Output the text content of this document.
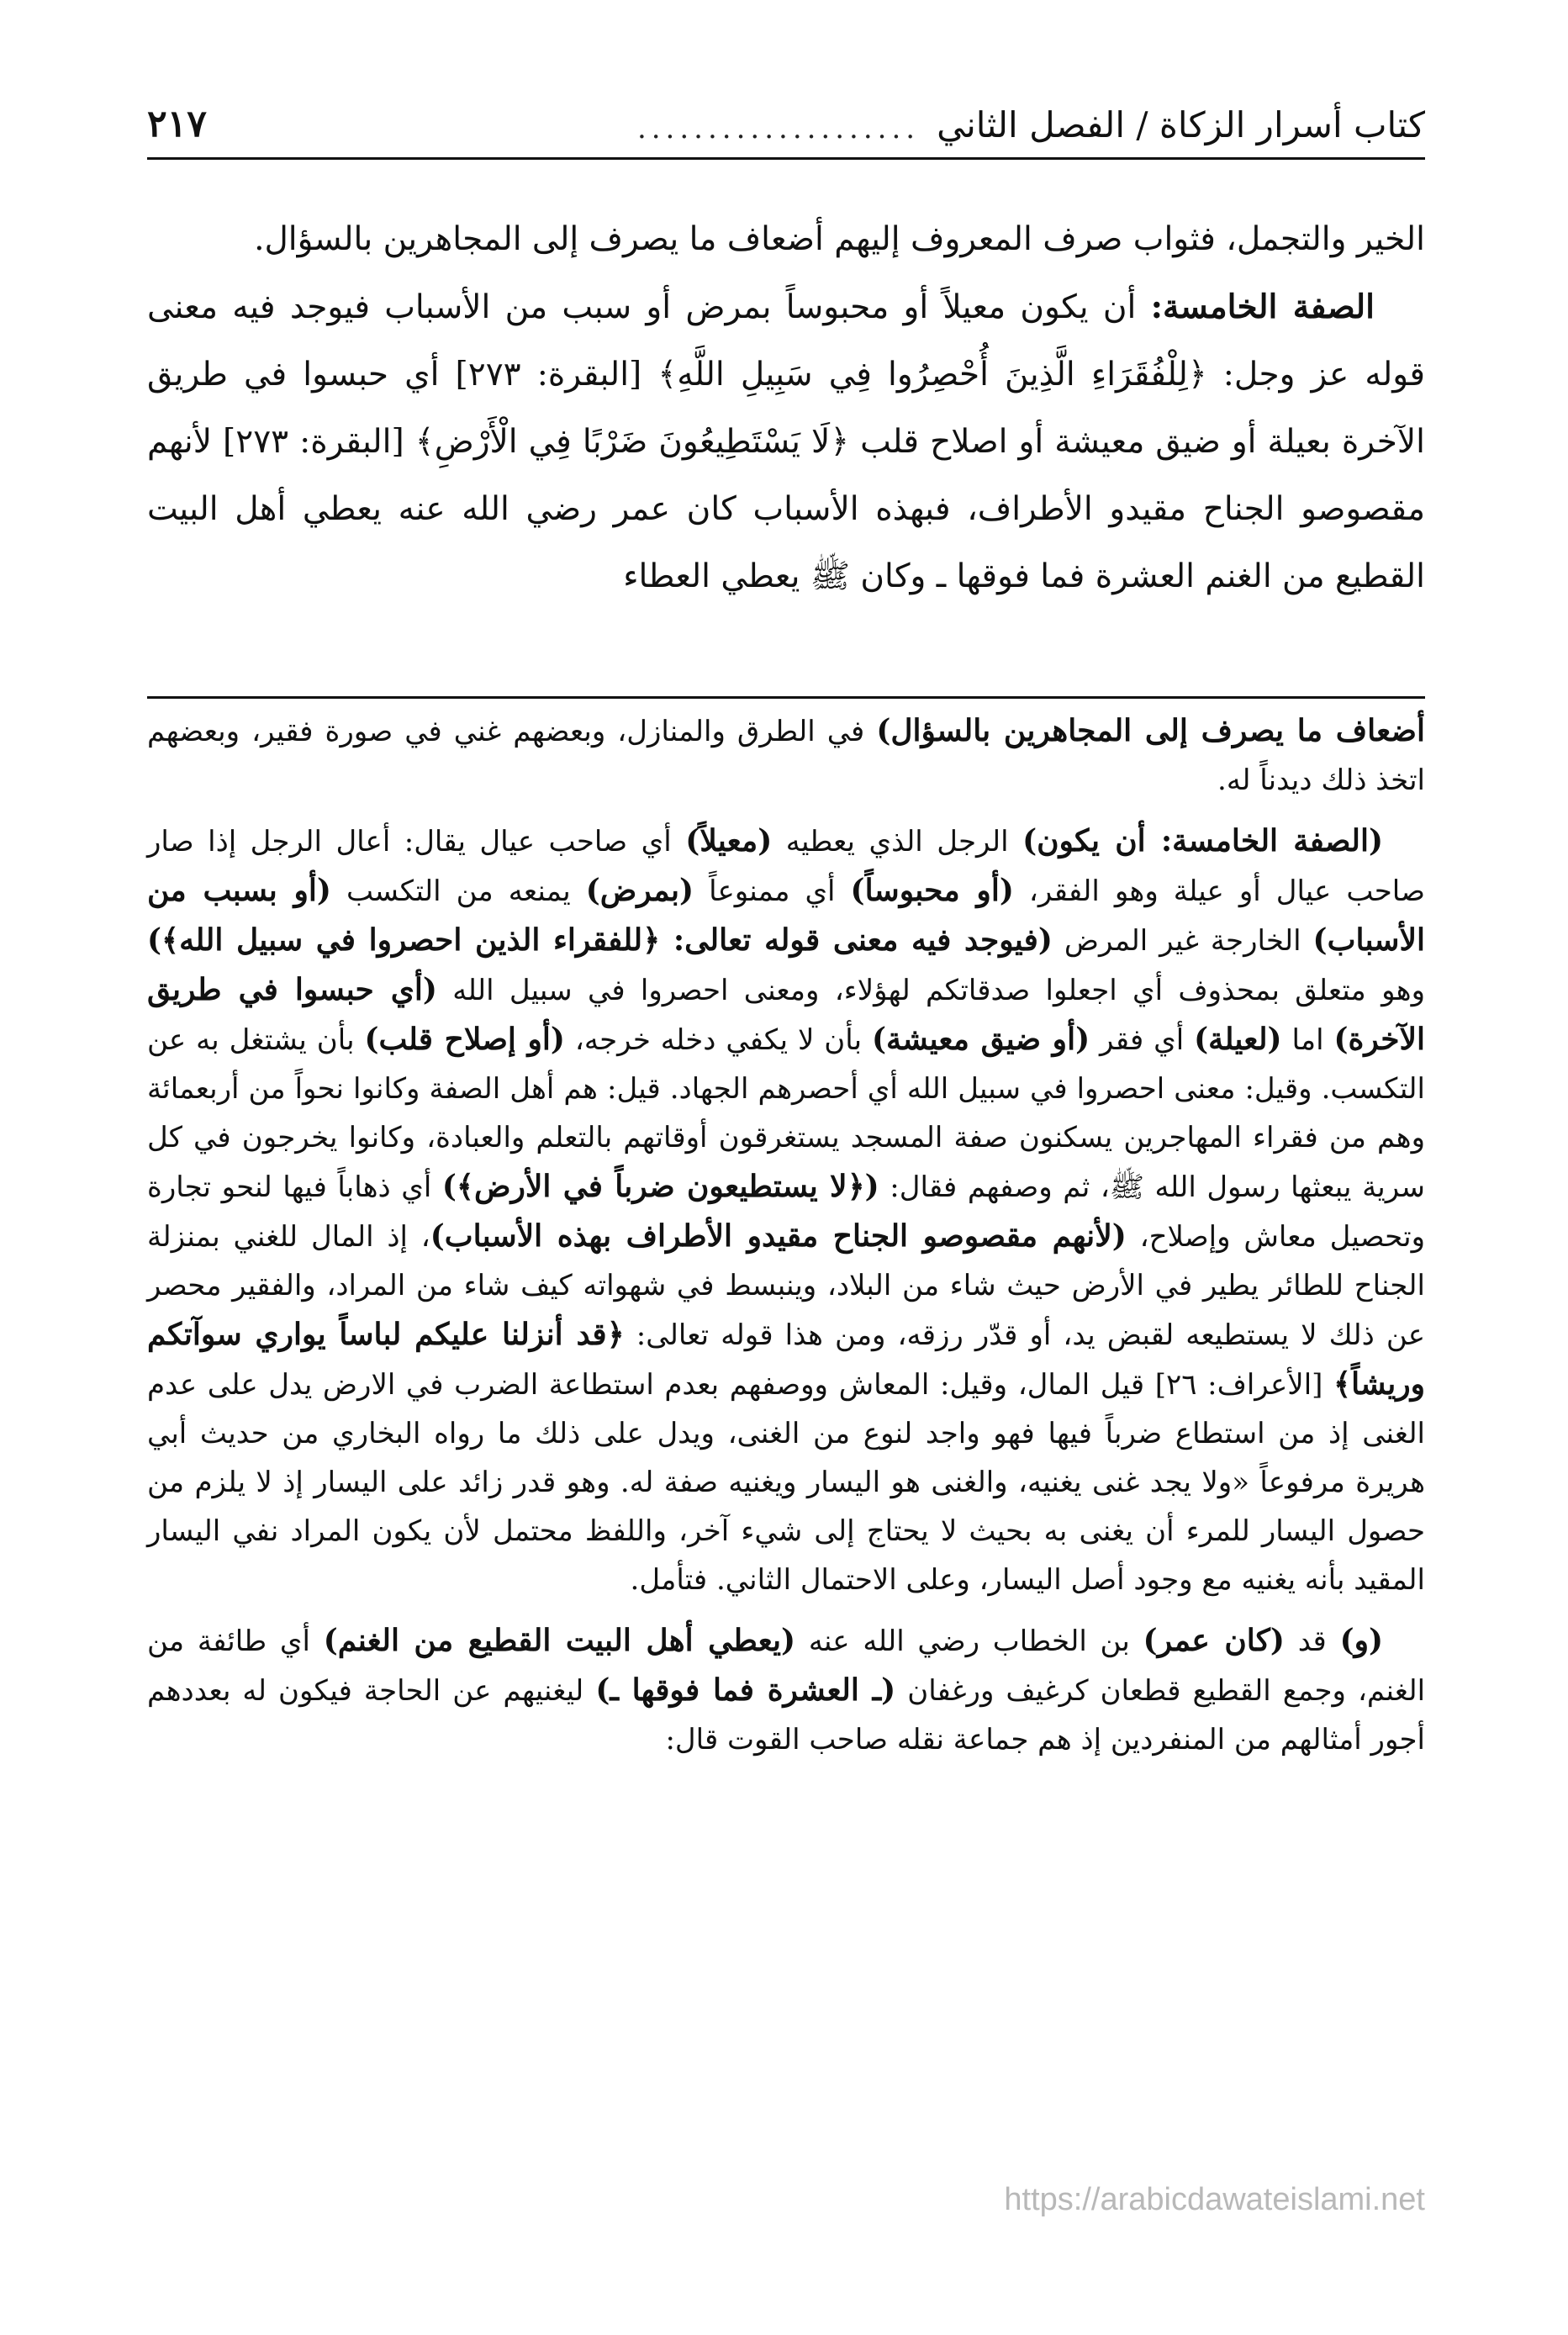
كتاب أسرار الزكاة / الفصل الثاني
....................
٢١٧

الخير والتجمل، فثواب صرف المعروف إليهم أضعاف ما يصرف إلى المجاهرين بالسؤال.

الصفة الخامسة: أن يكون معيلاً أو محبوساً بمرض أو سبب من الأسباب فيوجد فيه معنى قوله عز وجل: ﴿لِلْفُقَرَاءِ الَّذِينَ أُحْصِرُوا فِي سَبِيلِ اللَّهِ﴾ [البقرة: ٢٧٣] أي حبسوا في طريق الآخرة بعيلة أو ضيق معيشة أو اصلاح قلب ﴿لَا يَسْتَطِيعُونَ ضَرْبًا فِي الْأَرْضِ﴾ [البقرة: ٢٧٣] لأنهم مقصوصو الجناح مقيدو الأطراف، فبهذه الأسباب كان عمر رضي الله عنه يعطي أهل البيت القطيع من الغنم العشرة فما فوقها ـ وكان ﷺ يعطي العطاء

أضعاف ما يصرف إلى المجاهرين بالسؤال) في الطرق والمنازل، وبعضهم غني في صورة فقير، وبعضهم اتخذ ذلك ديدناً له.

(الصفة الخامسة: أن يكون) الرجل الذي يعطيه (معيلاً) أي صاحب عيال يقال: أعال الرجل إذا صار صاحب عيال أو عيلة وهو الفقر، (أو محبوساً) أي ممنوعاً (بمرض) يمنعه من التكسب (أو بسبب من الأسباب) الخارجة غير المرض (فيوجد فيه معنى قوله تعالى: ﴿للفقراء الذين احصروا في سبيل الله﴾) وهو متعلق بمحذوف أي اجعلوا صدقاتكم لهؤلاء، ومعنى احصروا في سبيل الله (أي حبسوا في طريق الآخرة) اما (لعيلة) أي فقر (أو ضيق معيشة) بأن لا يكفي دخله خرجه، (أو إصلاح قلب) بأن يشتغل به عن التكسب. وقيل: معنى احصروا في سبيل الله أي أحصرهم الجهاد. قيل: هم أهل الصفة وكانوا نحواً من أربعمائة وهم من فقراء المهاجرين يسكنون صفة المسجد يستغرقون أوقاتهم بالتعلم والعبادة، وكانوا يخرجون في كل سرية يبعثها رسول الله ﷺ، ثم وصفهم فقال: (﴿لا يستطيعون ضرباً في الأرض﴾) أي ذهاباً فيها لنحو تجارة وتحصيل معاش وإصلاح، (لأنهم مقصوصو الجناح مقيدو الأطراف بهذه الأسباب)، إذ المال للغني بمنزلة الجناح للطائر يطير في الأرض حيث شاء من البلاد، وينبسط في شهواته كيف شاء من المراد، والفقير محصر عن ذلك لا يستطيعه لقبض يد، أو قدّر رزقه، ومن هذا قوله تعالى: ﴿قد أنزلنا عليكم لباساً يواري سوآتكم وريشاً﴾ [الأعراف: ٢٦] قيل المال، وقيل: المعاش ووصفهم بعدم استطاعة الضرب في الارض يدل على عدم الغنى إذ من استطاع ضرباً فيها فهو واجد لنوع من الغنى، ويدل على ذلك ما رواه البخاري من حديث أبي هريرة مرفوعاً «ولا يجد غنى يغنيه، والغنى هو اليسار ويغنيه صفة له. وهو قدر زائد على اليسار إذ لا يلزم من حصول اليسار للمرء أن يغنى به بحيث لا يحتاج إلى شيء آخر، واللفظ محتمل لأن يكون المراد نفي اليسار المقيد بأنه يغنيه مع وجود أصل اليسار، وعلى الاحتمال الثاني. فتأمل.

(و) قد (كان عمر) بن الخطاب رضي الله عنه (يعطي أهل البيت القطيع من الغنم) أي طائفة من الغنم، وجمع القطيع قطعان كرغيف ورغفان (ـ العشرة فما فوقها ـ) ليغنيهم عن الحاجة فيكون له بعددهم أجور أمثالهم من المنفردين إذ هم جماعة نقله صاحب القوت قال:

https://arabicdawateislami.net
